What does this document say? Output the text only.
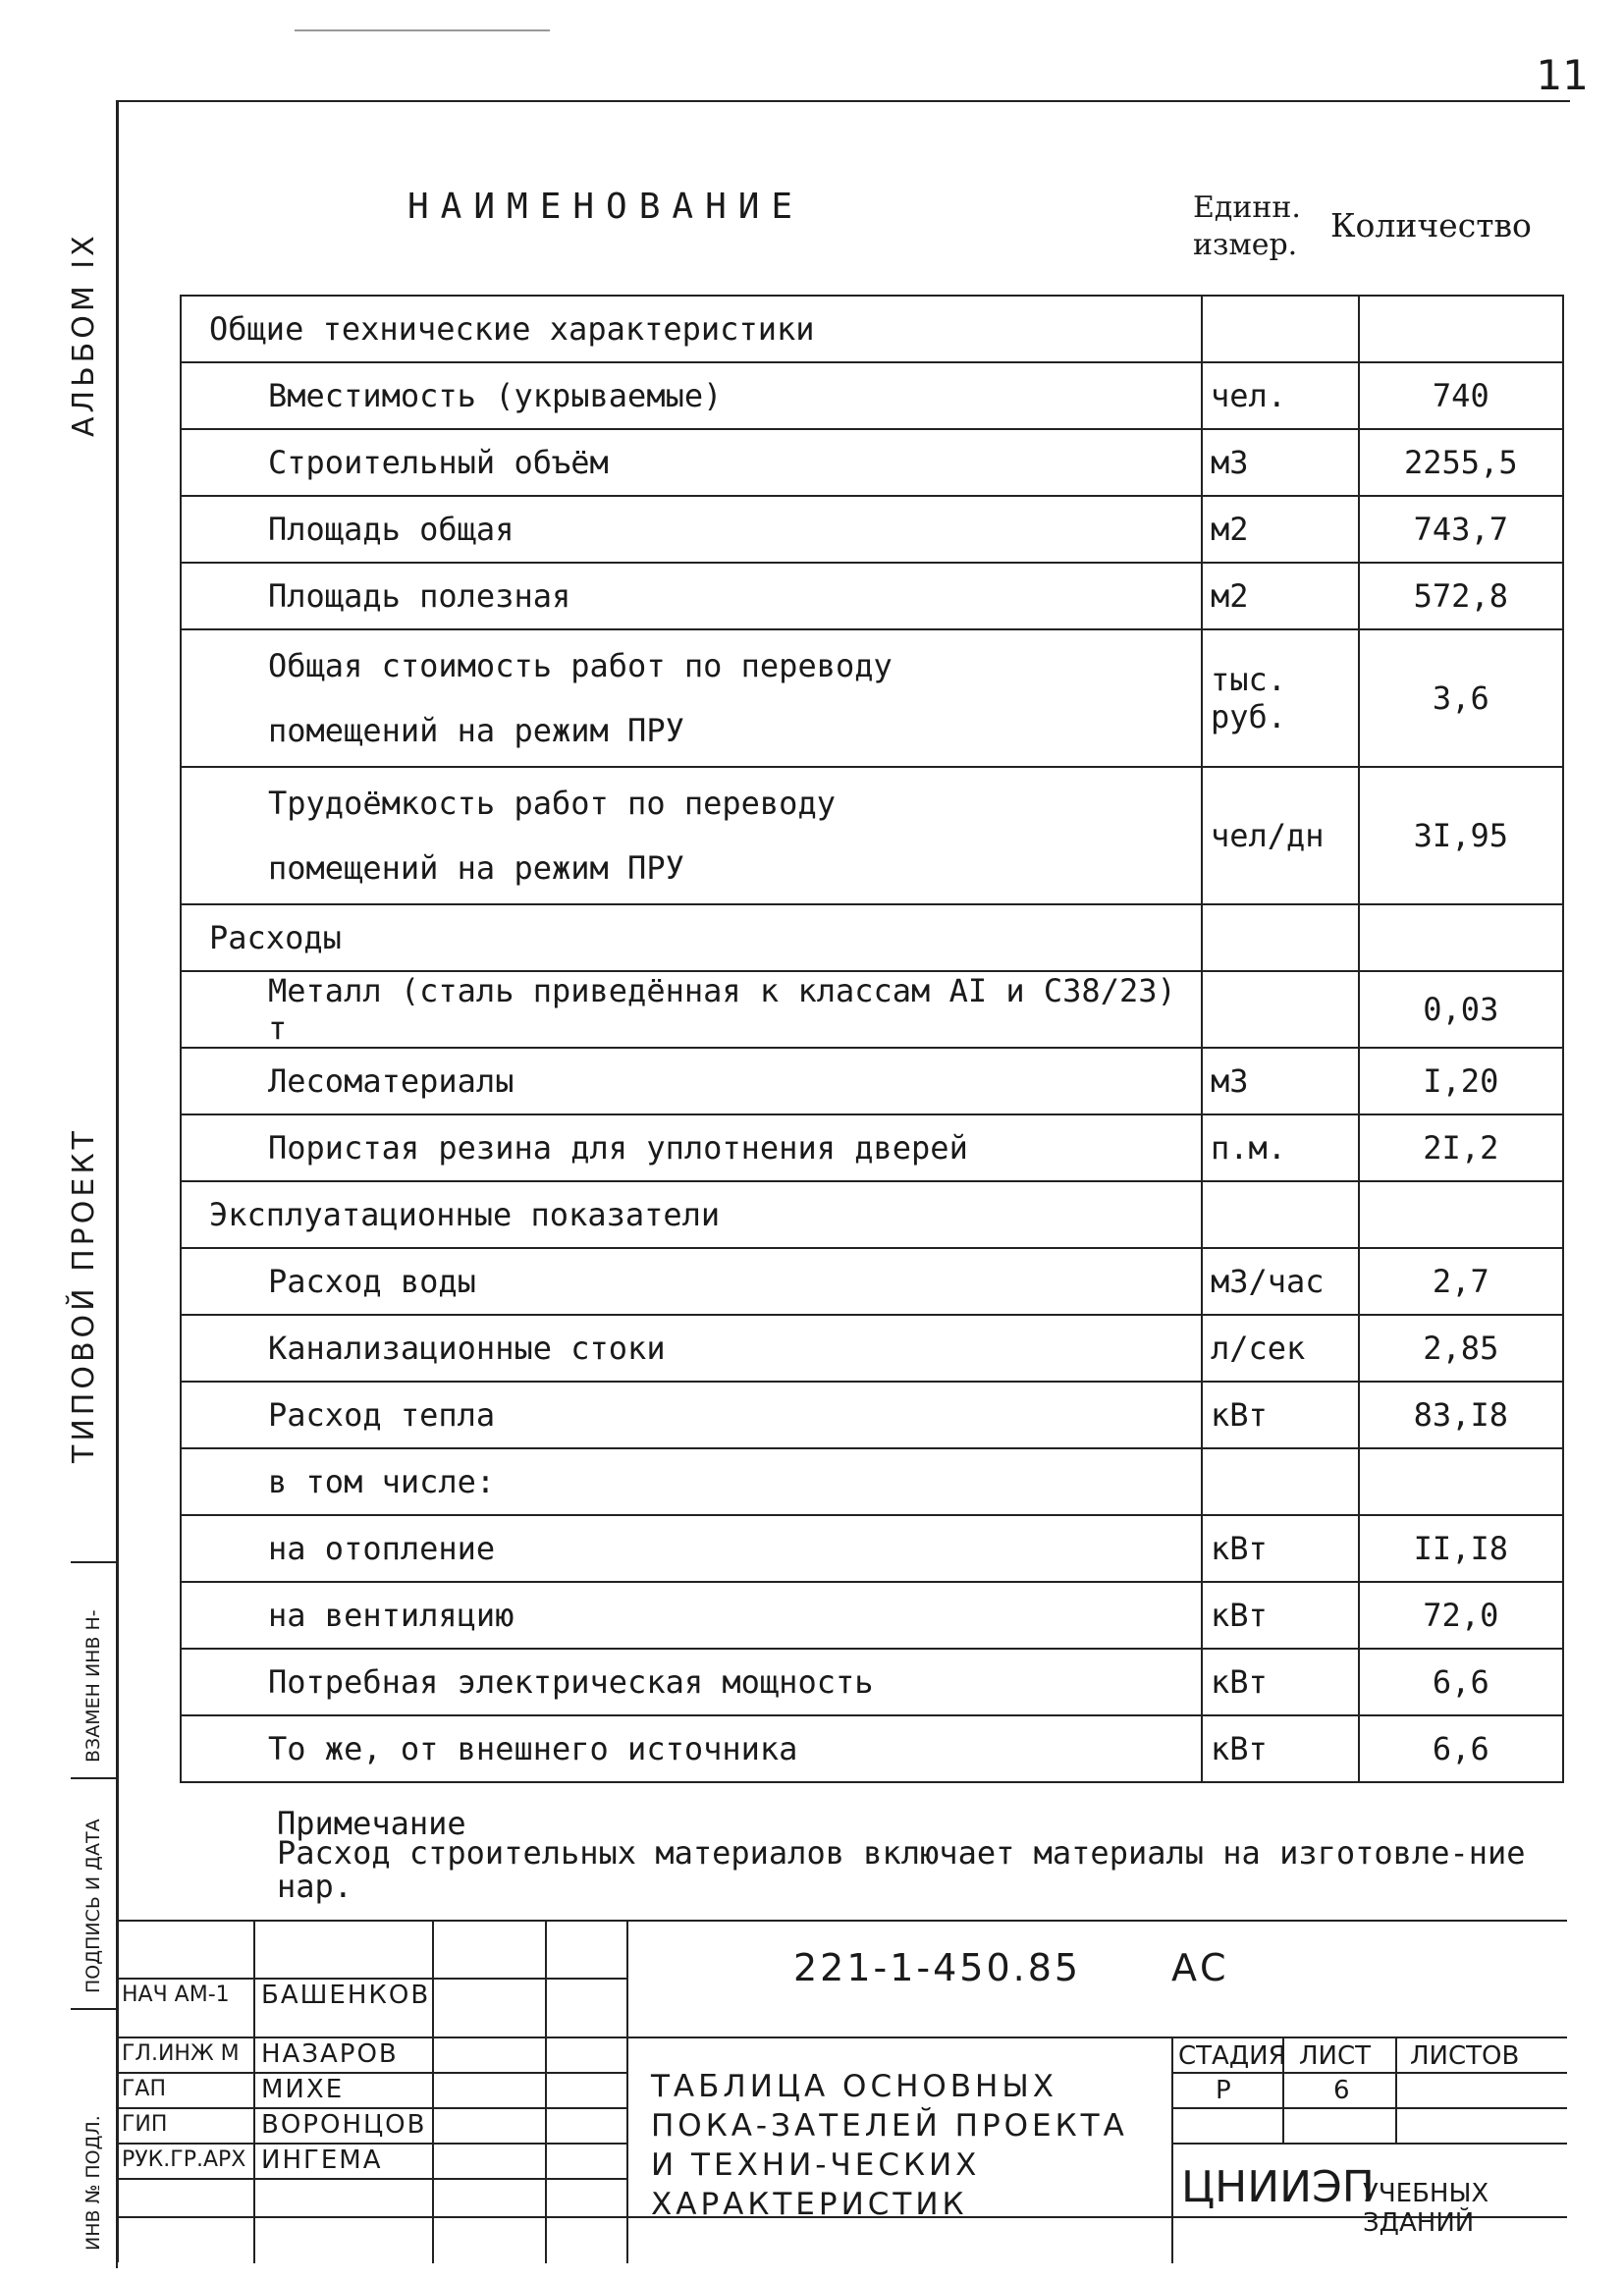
11
АЛЬБОМ IX
ТИПОВОЙ ПРОЕКТ
ВЗАМЕН ИНВ Н-
ПОДПИСЬ И ДАТА
ИНВ № ПОДЛ.
НАИМЕНОВАНИЕ	Единн.
измер.
Количество
Общие технические характеристики		
Вместимость (укрываемые)	чел.	740
Строительный объём	м3	2255,5
Площадь общая	м2	743,7
Площадь полезная	м2	572,8

Общая стоимость работ по переводу
помещений на режим ПРУ	тыс. руб.	3,6

Трудоёмкость работ по переводу
помещений на режим ПРУ	чел/дн	3I,95
Расходы		
Металл (сталь приведённая к классам AI и С38/23) т		0,03
Лесоматериалы	м3	I,20
Пористая резина для уплотнения дверей	п.м.	2I,2
Эксплуатационные показатели		
Расход воды	м3/час	2,7
Канализационные стоки	л/сек	2,85
Расход тепла	кВт	83,I8
в том числе:		
на отопление	кВт	II,I8
на вентиляцию	кВт	72,0
Потребная электрическая мощность	кВт	6,6
То же, от внешнего источника	кВт	6,6
Примечание
Расход строительных материалов включает материалы на изготовле-ние нар.
221-1-450.85 АС
НАЧ АМ-1 БАШЕНКОВ
ГЛ.ИНЖ М НАЗАРОВ
ГАП	МИХЕ
ГИП	ВОРОНЦОВ
РУК.ГР.АРХ ИНГЕМА
СТАДИЯ ЛИСТ ЛИСТОВ
Р	6
ТАБЛИЦА ОСНОВНЫХ ПОКА-ЗАТЕЛЕЙ ПРОЕКТА И ТЕХНИ-ЧЕСКИХ ХАРАКТЕРИСТИК	ЦНИИЭП
УЧЕБНЫХ ЗДАНИЙ
